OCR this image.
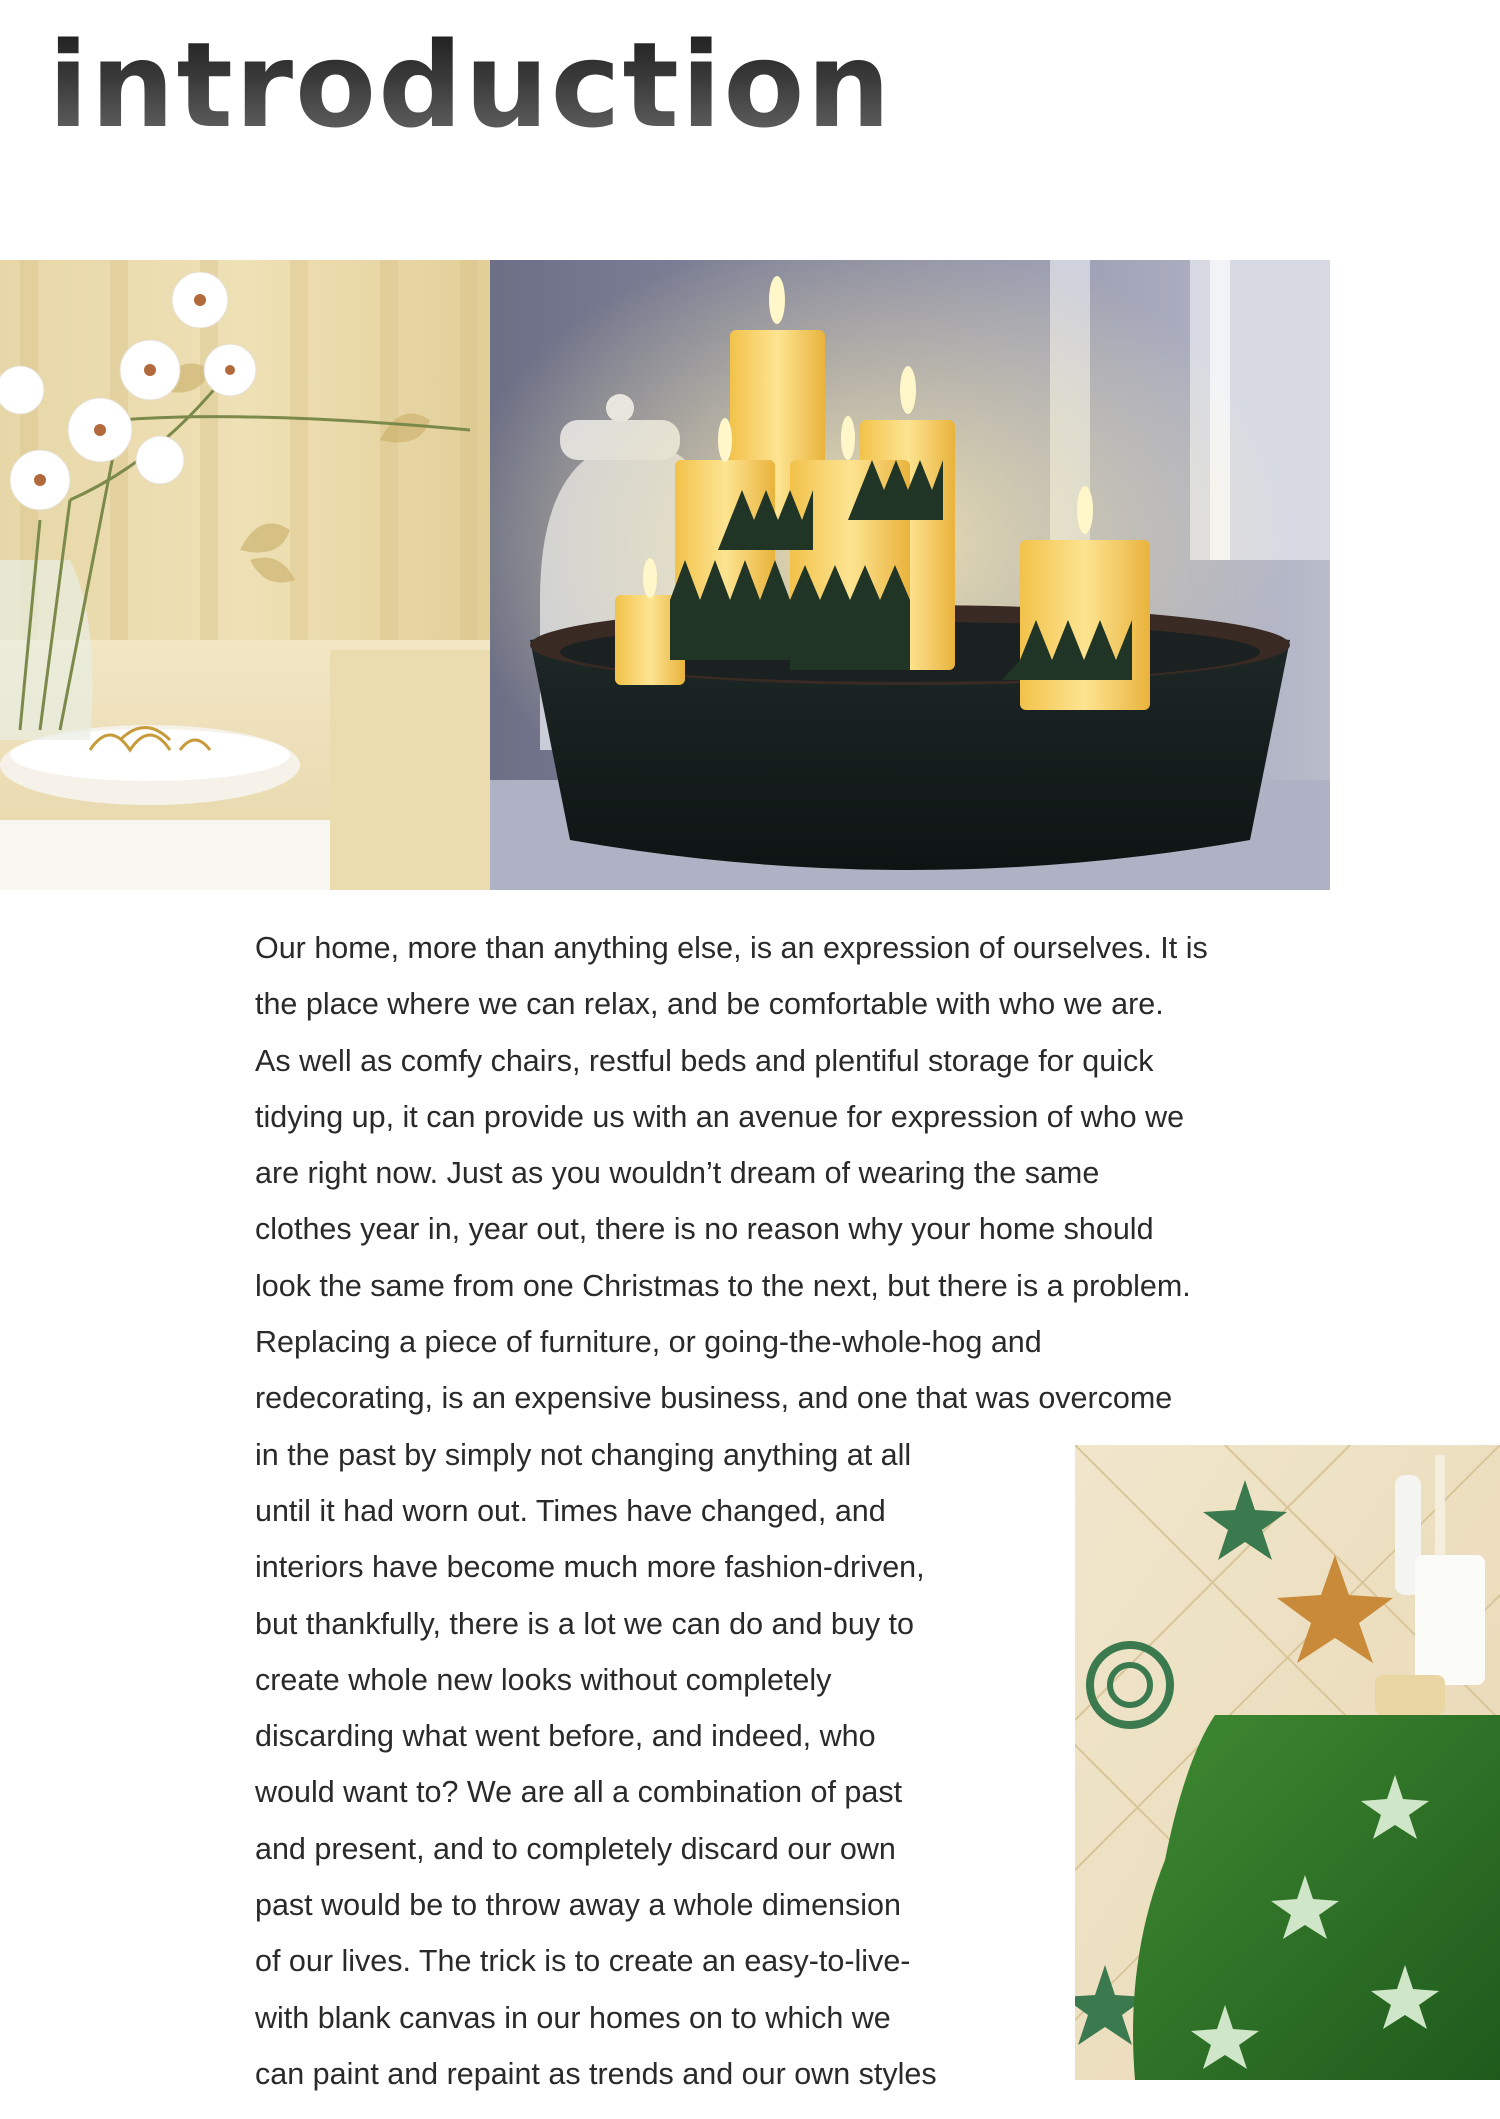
introduction
Our home, more than anything else, is an expression of ourselves. It is
the place where we can relax, and be comfortable with who we are.
As well as comfy chairs, restful beds and plentiful storage for quick
tidying up, it can provide us with an avenue for expression of who we
are right now. Just as you wouldn’t dream of wearing the same
clothes year in, year out, there is no reason why your home should
look the same from one Christmas to the next, but there is a problem.
Replacing a piece of furniture, or going-the-whole-hog and
redecorating, is an expensive business, and one that was overcome
in the past by simply not changing anything at all
until it had worn out. Times have changed, and
interiors have become much more fashion-driven,
but thankfully, there is a lot we can do and buy to
create whole new looks without completely
discarding what went before, and indeed, who
would want to? We are all a combination of past
and present, and to completely discard our own
past would be to throw away a whole dimension
of our lives. The trick is to create an easy-to-live-
with blank canvas in our homes on to which we
can paint and repaint as trends and our own styles
